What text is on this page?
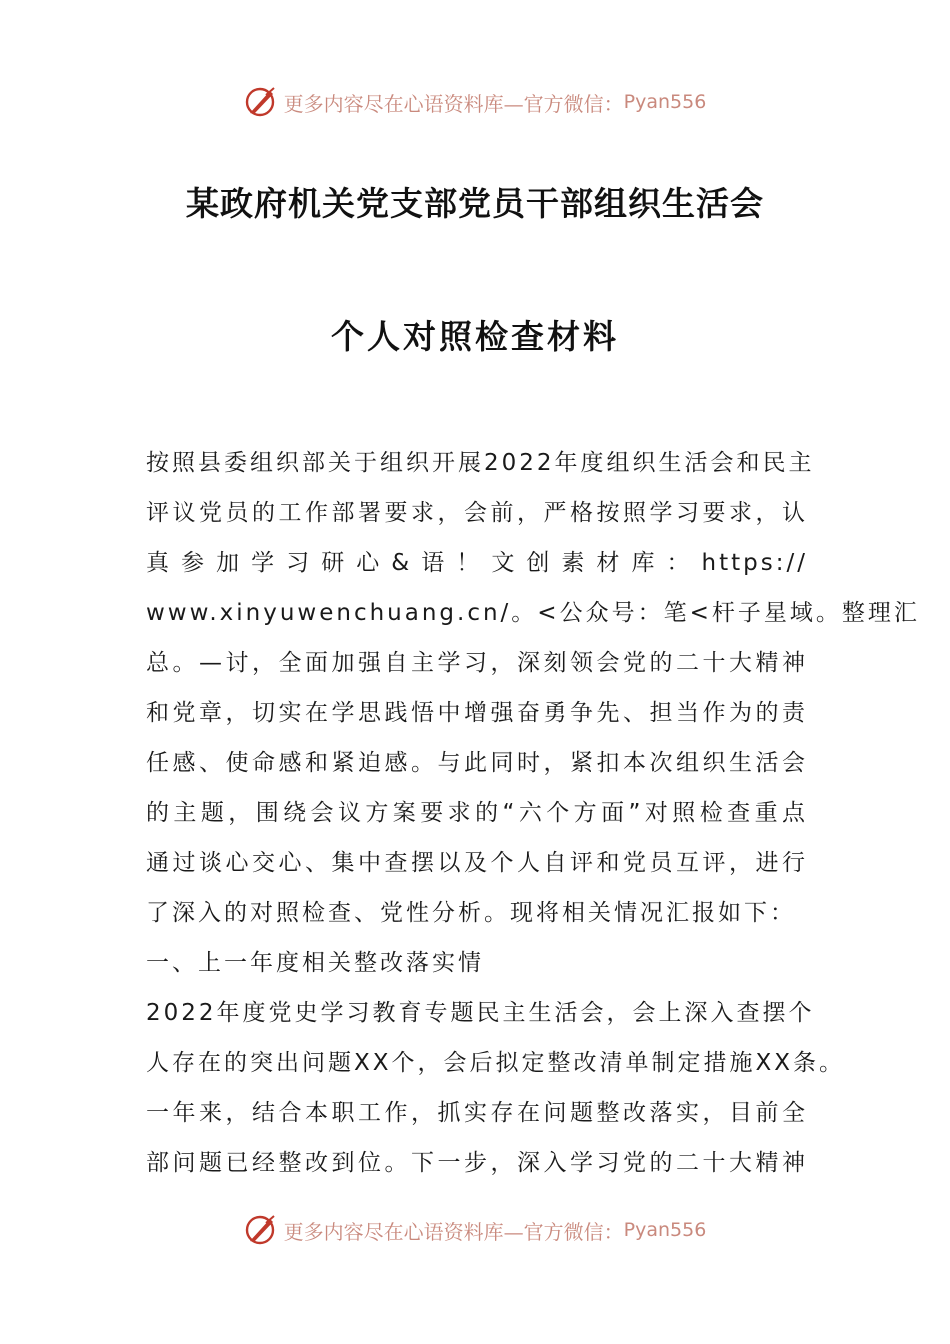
更多内容尽在心语资料库—官方微信： Pyan556
某政府机关党支部党员干部组织生活会
个人对照检查材料
按照县委组织部关于组织开展2022年度组织生活会和民主
评议党员的工作部署要求，会前，严格按照学习要求，认
真参加学习研心&语！文创素材库：https://
www.xinyuwenchuang.cn/。<公众号：笔<杆子星域。整理汇
总。—讨，全面加强自主学习，深刻领会党的二十大精神
和党章，切实在学思践悟中增强奋勇争先、担当作为的责
任感、使命感和紧迫感。与此同时，紧扣本次组织生活会
的主题，围绕会议方案要求的“六个方面”对照检查重点
通过谈心交心、集中查摆以及个人自评和党员互评，进行
了深入的对照检查、党性分析。现将相关情况汇报如下：
一、上一年度相关整改落实情
2022年度党史学习教育专题民主生活会，会上深入查摆个
人存在的突出问题XX个，会后拟定整改清单制定措施XX条。
一年来，结合本职工作，抓实存在问题整改落实，目前全
部问题已经整改到位。下一步，深入学习党的二十大精神
更多内容尽在心语资料库—官方微信： Pyan556
